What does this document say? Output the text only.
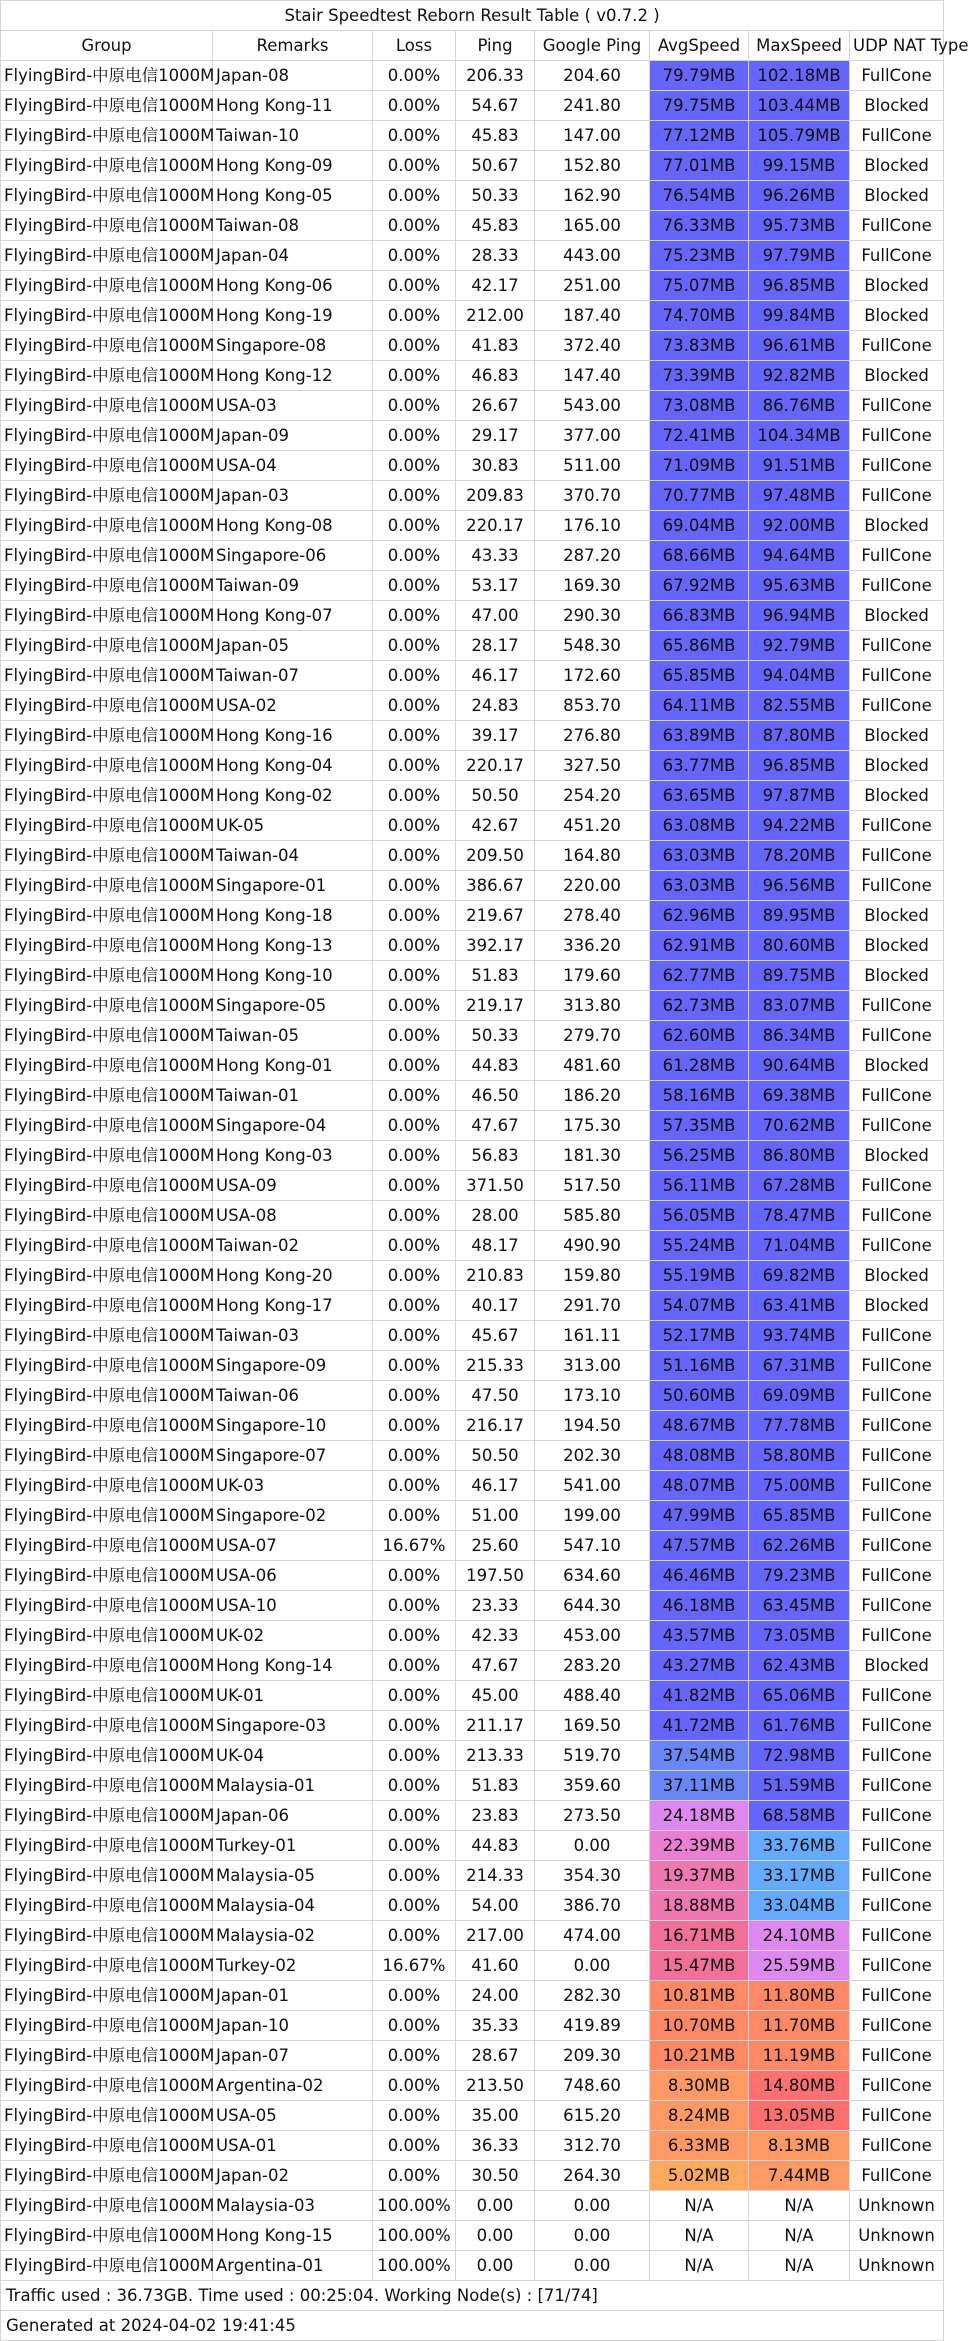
Stair Speedtest Reborn Result Table ( v0.7.2 )							
Group	Remarks	Loss	Ping	Google Ping	AvgSpeed	MaxSpeed	UDP NAT Type
FlyingBird-中原电信1000M	Japan-08	0.00%	206.33	204.60	79.79MB	102.18MB	FullCone
FlyingBird-中原电信1000M	Hong Kong-11	0.00%	54.67	241.80	79.75MB	103.44MB	Blocked
FlyingBird-中原电信1000M	Taiwan-10	0.00%	45.83	147.00	77.12MB	105.79MB	FullCone
FlyingBird-中原电信1000M	Hong Kong-09	0.00%	50.67	152.80	77.01MB	99.15MB	Blocked
FlyingBird-中原电信1000M	Hong Kong-05	0.00%	50.33	162.90	76.54MB	96.26MB	Blocked
FlyingBird-中原电信1000M	Taiwan-08	0.00%	45.83	165.00	76.33MB	95.73MB	FullCone
FlyingBird-中原电信1000M	Japan-04	0.00%	28.33	443.00	75.23MB	97.79MB	FullCone
FlyingBird-中原电信1000M	Hong Kong-06	0.00%	42.17	251.00	75.07MB	96.85MB	Blocked
FlyingBird-中原电信1000M	Hong Kong-19	0.00%	212.00	187.40	74.70MB	99.84MB	Blocked
FlyingBird-中原电信1000M	Singapore-08	0.00%	41.83	372.40	73.83MB	96.61MB	FullCone
FlyingBird-中原电信1000M	Hong Kong-12	0.00%	46.83	147.40	73.39MB	92.82MB	Blocked
FlyingBird-中原电信1000M	USA-03	0.00%	26.67	543.00	73.08MB	86.76MB	FullCone
FlyingBird-中原电信1000M	Japan-09	0.00%	29.17	377.00	72.41MB	104.34MB	FullCone
FlyingBird-中原电信1000M	USA-04	0.00%	30.83	511.00	71.09MB	91.51MB	FullCone
FlyingBird-中原电信1000M	Japan-03	0.00%	209.83	370.70	70.77MB	97.48MB	FullCone
FlyingBird-中原电信1000M	Hong Kong-08	0.00%	220.17	176.10	69.04MB	92.00MB	Blocked
FlyingBird-中原电信1000M	Singapore-06	0.00%	43.33	287.20	68.66MB	94.64MB	FullCone
FlyingBird-中原电信1000M	Taiwan-09	0.00%	53.17	169.30	67.92MB	95.63MB	FullCone
FlyingBird-中原电信1000M	Hong Kong-07	0.00%	47.00	290.30	66.83MB	96.94MB	Blocked
FlyingBird-中原电信1000M	Japan-05	0.00%	28.17	548.30	65.86MB	92.79MB	FullCone
FlyingBird-中原电信1000M	Taiwan-07	0.00%	46.17	172.60	65.85MB	94.04MB	FullCone
FlyingBird-中原电信1000M	USA-02	0.00%	24.83	853.70	64.11MB	82.55MB	FullCone
FlyingBird-中原电信1000M	Hong Kong-16	0.00%	39.17	276.80	63.89MB	87.80MB	Blocked
FlyingBird-中原电信1000M	Hong Kong-04	0.00%	220.17	327.50	63.77MB	96.85MB	Blocked
FlyingBird-中原电信1000M	Hong Kong-02	0.00%	50.50	254.20	63.65MB	97.87MB	Blocked
FlyingBird-中原电信1000M	UK-05	0.00%	42.67	451.20	63.08MB	94.22MB	FullCone
FlyingBird-中原电信1000M	Taiwan-04	0.00%	209.50	164.80	63.03MB	78.20MB	FullCone
FlyingBird-中原电信1000M	Singapore-01	0.00%	386.67	220.00	63.03MB	96.56MB	FullCone
FlyingBird-中原电信1000M	Hong Kong-18	0.00%	219.67	278.40	62.96MB	89.95MB	Blocked
FlyingBird-中原电信1000M	Hong Kong-13	0.00%	392.17	336.20	62.91MB	80.60MB	Blocked
FlyingBird-中原电信1000M	Hong Kong-10	0.00%	51.83	179.60	62.77MB	89.75MB	Blocked
FlyingBird-中原电信1000M	Singapore-05	0.00%	219.17	313.80	62.73MB	83.07MB	FullCone
FlyingBird-中原电信1000M	Taiwan-05	0.00%	50.33	279.70	62.60MB	86.34MB	FullCone
FlyingBird-中原电信1000M	Hong Kong-01	0.00%	44.83	481.60	61.28MB	90.64MB	Blocked
FlyingBird-中原电信1000M	Taiwan-01	0.00%	46.50	186.20	58.16MB	69.38MB	FullCone
FlyingBird-中原电信1000M	Singapore-04	0.00%	47.67	175.30	57.35MB	70.62MB	FullCone
FlyingBird-中原电信1000M	Hong Kong-03	0.00%	56.83	181.30	56.25MB	86.80MB	Blocked
FlyingBird-中原电信1000M	USA-09	0.00%	371.50	517.50	56.11MB	67.28MB	FullCone
FlyingBird-中原电信1000M	USA-08	0.00%	28.00	585.80	56.05MB	78.47MB	FullCone
FlyingBird-中原电信1000M	Taiwan-02	0.00%	48.17	490.90	55.24MB	71.04MB	FullCone
FlyingBird-中原电信1000M	Hong Kong-20	0.00%	210.83	159.80	55.19MB	69.82MB	Blocked
FlyingBird-中原电信1000M	Hong Kong-17	0.00%	40.17	291.70	54.07MB	63.41MB	Blocked
FlyingBird-中原电信1000M	Taiwan-03	0.00%	45.67	161.11	52.17MB	93.74MB	FullCone
FlyingBird-中原电信1000M	Singapore-09	0.00%	215.33	313.00	51.16MB	67.31MB	FullCone
FlyingBird-中原电信1000M	Taiwan-06	0.00%	47.50	173.10	50.60MB	69.09MB	FullCone
FlyingBird-中原电信1000M	Singapore-10	0.00%	216.17	194.50	48.67MB	77.78MB	FullCone
FlyingBird-中原电信1000M	Singapore-07	0.00%	50.50	202.30	48.08MB	58.80MB	FullCone
FlyingBird-中原电信1000M	UK-03	0.00%	46.17	541.00	48.07MB	75.00MB	FullCone
FlyingBird-中原电信1000M	Singapore-02	0.00%	51.00	199.00	47.99MB	65.85MB	FullCone
FlyingBird-中原电信1000M	USA-07	16.67%	25.60	547.10	47.57MB	62.26MB	FullCone
FlyingBird-中原电信1000M	USA-06	0.00%	197.50	634.60	46.46MB	79.23MB	FullCone
FlyingBird-中原电信1000M	USA-10	0.00%	23.33	644.30	46.18MB	63.45MB	FullCone
FlyingBird-中原电信1000M	UK-02	0.00%	42.33	453.00	43.57MB	73.05MB	FullCone
FlyingBird-中原电信1000M	Hong Kong-14	0.00%	47.67	283.20	43.27MB	62.43MB	Blocked
FlyingBird-中原电信1000M	UK-01	0.00%	45.00	488.40	41.82MB	65.06MB	FullCone
FlyingBird-中原电信1000M	Singapore-03	0.00%	211.17	169.50	41.72MB	61.76MB	FullCone
FlyingBird-中原电信1000M	UK-04	0.00%	213.33	519.70	37.54MB	72.98MB	FullCone
FlyingBird-中原电信1000M	Malaysia-01	0.00%	51.83	359.60	37.11MB	51.59MB	FullCone
FlyingBird-中原电信1000M	Japan-06	0.00%	23.83	273.50	24.18MB	68.58MB	FullCone
FlyingBird-中原电信1000M	Turkey-01	0.00%	44.83	0.00	22.39MB	33.76MB	FullCone
FlyingBird-中原电信1000M	Malaysia-05	0.00%	214.33	354.30	19.37MB	33.17MB	FullCone
FlyingBird-中原电信1000M	Malaysia-04	0.00%	54.00	386.70	18.88MB	33.04MB	FullCone
FlyingBird-中原电信1000M	Malaysia-02	0.00%	217.00	474.00	16.71MB	24.10MB	FullCone
FlyingBird-中原电信1000M	Turkey-02	16.67%	41.60	0.00	15.47MB	25.59MB	FullCone
FlyingBird-中原电信1000M	Japan-01	0.00%	24.00	282.30	10.81MB	11.80MB	FullCone
FlyingBird-中原电信1000M	Japan-10	0.00%	35.33	419.89	10.70MB	11.70MB	FullCone
FlyingBird-中原电信1000M	Japan-07	0.00%	28.67	209.30	10.21MB	11.19MB	FullCone
FlyingBird-中原电信1000M	Argentina-02	0.00%	213.50	748.60	8.30MB	14.80MB	FullCone
FlyingBird-中原电信1000M	USA-05	0.00%	35.00	615.20	8.24MB	13.05MB	FullCone
FlyingBird-中原电信1000M	USA-01	0.00%	36.33	312.70	6.33MB	8.13MB	FullCone
FlyingBird-中原电信1000M	Japan-02	0.00%	30.50	264.30	5.02MB	7.44MB	FullCone
FlyingBird-中原电信1000M	Malaysia-03	100.00%	0.00	0.00	N/A	N/A	Unknown
FlyingBird-中原电信1000M	Hong Kong-15	100.00%	0.00	0.00	N/A	N/A	Unknown
FlyingBird-中原电信1000M	Argentina-01	100.00%	0.00	0.00	N/A	N/A	Unknown
Traffic used : 36.73GB. Time used : 00:25:04. Working Node(s) : [71/74]							
Generated at 2024-04-02 19:41:45							
